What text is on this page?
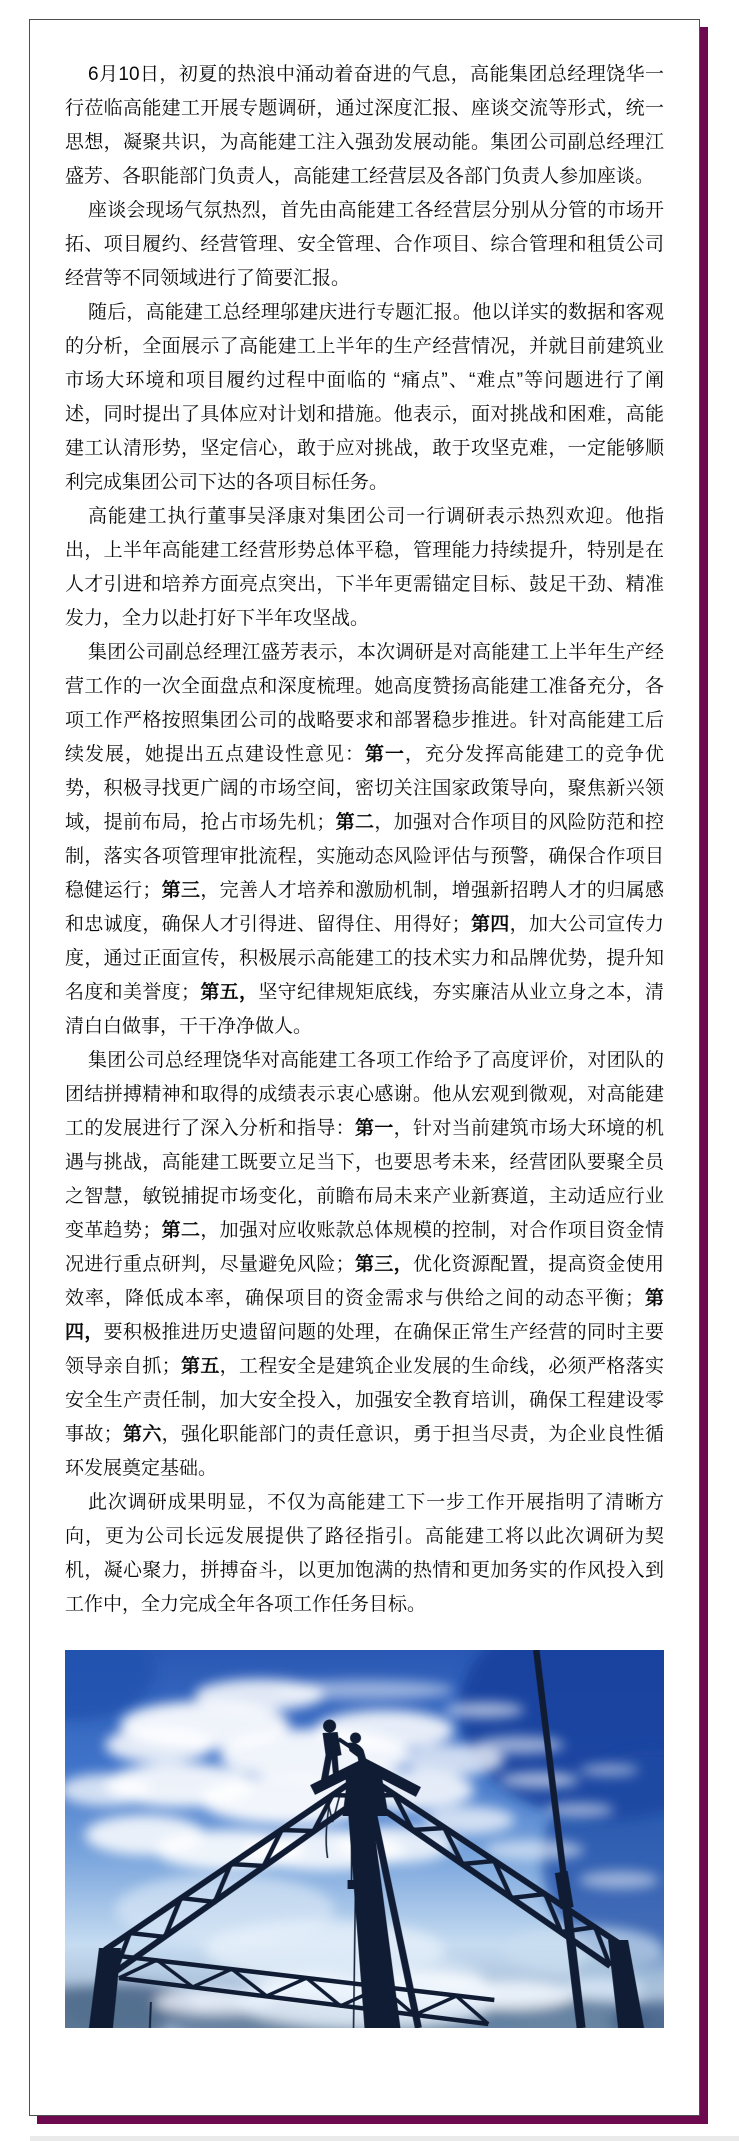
6月10日，初夏的热浪中涌动着奋进的气息，高能集团总经理饶华一行莅临高能建工开展专题调研，通过深度汇报、座谈交流等形式，统一思想，凝聚共识，为高能建工注入强劲发展动能。集团公司副总经理江盛芳、各职能部门负责人，高能建工经营层及各部门负责人参加座谈。

座谈会现场气氛热烈，首先由高能建工各经营层分别从分管的市场开拓、项目履约、经营管理、安全管理、合作项目、综合管理和租赁公司经营等不同领域进行了简要汇报。

随后，高能建工总经理邬建庆进行专题汇报。他以详实的数据和客观的分析，全面展示了高能建工上半年的生产经营情况，并就目前建筑业市场大环境和项目履约过程中面临的 “痛点”、“难点”等问题进行了阐述，同时提出了具体应对计划和措施。他表示，面对挑战和困难，高能建工认清形势，坚定信心，敢于应对挑战，敢于攻坚克难，一定能够顺利完成集团公司下达的各项目标任务。

高能建工执行董事吴泽康对集团公司一行调研表示热烈欢迎。他指出，上半年高能建工经营形势总体平稳，管理能力持续提升，特别是在人才引进和培养方面亮点突出，下半年更需锚定目标、鼓足干劲、精准发力，全力以赴打好下半年攻坚战。

集团公司副总经理江盛芳表示，本次调研是对高能建工上半年生产经营工作的一次全面盘点和深度梳理。她高度赞扬高能建工准备充分，各项工作严格按照集团公司的战略要求和部署稳步推进。针对高能建工后续发展，她提出五点建设性意见：第一，充分发挥高能建工的竞争优势，积极寻找更广阔的市场空间，密切关注国家政策导向，聚焦新兴领域，提前布局，抢占市场先机；第二，加强对合作项目的风险防范和控制，落实各项管理审批流程，实施动态风险评估与预警，确保合作项目稳健运行；第三，完善人才培养和激励机制，增强新招聘人才的归属感和忠诚度，确保人才引得进、留得住、用得好；第四，加大公司宣传力度，通过正面宣传，积极展示高能建工的技术实力和品牌优势，提升知名度和美誉度；第五，坚守纪律规矩底线，夯实廉洁从业立身之本，清清白白做事，干干净净做人。

集团公司总经理饶华对高能建工各项工作给予了高度评价，对团队的团结拼搏精神和取得的成绩表示衷心感谢。他从宏观到微观，对高能建工的发展进行了深入分析和指导：第一，针对当前建筑市场大环境的机遇与挑战，高能建工既要立足当下，也要思考未来，经营团队要聚全员之智慧，敏锐捕捉市场变化，前瞻布局未来产业新赛道，主动适应行业变革趋势；第二，加强对应收账款总体规模的控制，对合作项目资金情况进行重点研判，尽量避免风险；第三，优化资源配置，提高资金使用效率，降低成本率，确保项目的资金需求与供给之间的动态平衡；第四，要积极推进历史遗留问题的处理，在确保正常生产经营的同时主要领导亲自抓；第五，工程安全是建筑企业发展的生命线，必须严格落实安全生产责任制，加大安全投入，加强安全教育培训，确保工程建设零事故；第六，强化职能部门的责任意识，勇于担当尽责，为企业良性循环发展奠定基础。

此次调研成果明显，不仅为高能建工下一步工作开展指明了清晰方向，更为公司长远发展提供了路径指引。高能建工将以此次调研为契机，凝心聚力，拼搏奋斗，以更加饱满的热情和更加务实的作风投入到工作中，全力完成全年各项工作任务目标。
